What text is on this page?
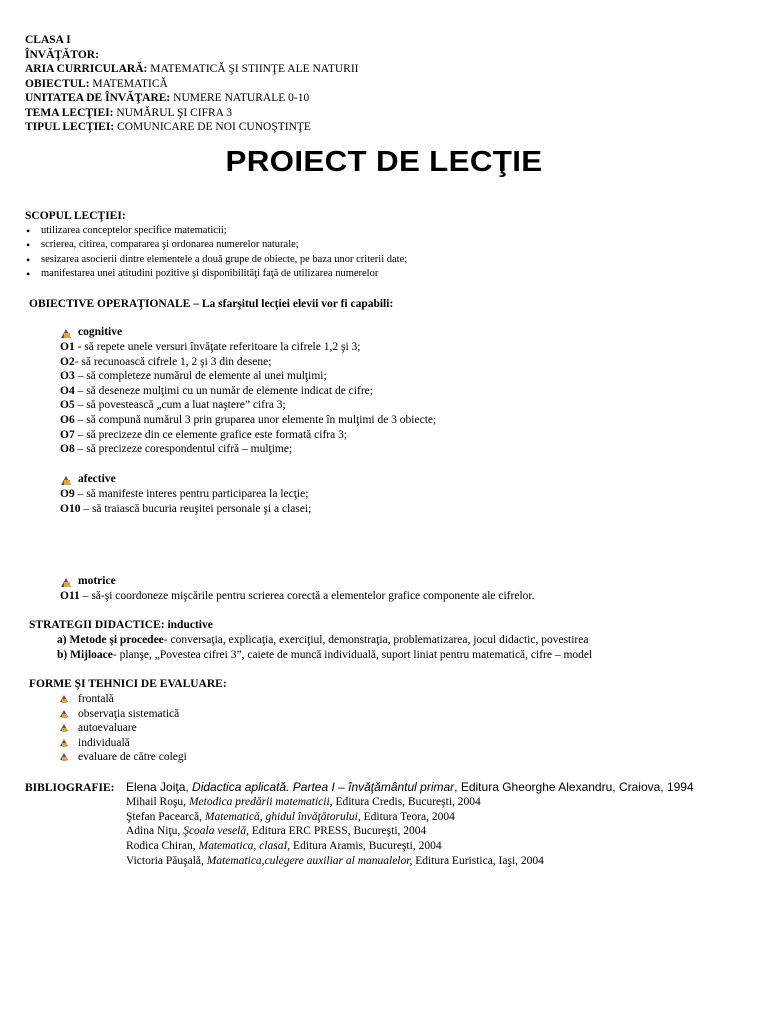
CLASA I
ÎNVĂŢĂTOR:
ARIA CURRICULARĂ: MATEMATICĂ ŞI STIINŢE ALE NATURII
OBIECTUL: MATEMATICĂ
UNITATEA DE ÎNVĂŢARE: NUMERE NATURALE 0-10
TEMA LECŢIEI: NUMĂRUL ŞI CIFRA 3
TIPUL LECŢIEI: COMUNICARE DE NOI CUNOŞTINŢE
PROIECT DE LECŢIE
SCOPUL LECŢIEI:
• utilizarea conceptelor specifice matematicii;
• scrierea, citirea, compararea şi ordonarea numerelor naturale;
• sesizarea asocierii dintre elementele a două grupe de obiecte, pe baza unor criterii date;
• manifestarea unei atitudini pozitive şi disponibilităţi faţă de utilizarea numerelor
OBIECTIVE OPERAŢIONALE – La sfarşitul lecţiei elevii vor fi capabili:
cognitive
O1 - să repete unele versuri învăţate referitoare la cifrele 1,2 şi 3;
O2- să recunoască cifrele 1, 2 şi 3 din desene;
O3 – să completeze numărul de elemente al unei mulţimi;
O4 – să deseneze mulţimi cu un număr de elemente indicat de cifre;
O5 – să povestească „cum a luat naştere” cifra 3;
O6 – să compună numărul 3 prin gruparea unor elemente în mulţimi de 3 obiecte;
O7 – să precizeze din ce elemente grafice este formată cifra 3;
O8 – să precizeze corespondentul cifră – mulţime;
afective
O9 – să manifeste interes pentru participarea la lecţie;
O10 – să traiască bucuria reuşitei personale şi a clasei;
motrice
O11 – să-şi coordoneze mişcările pentru scrierea corectă a elementelor grafice componente ale cifrelor.
STRATEGII DIDACTICE: inductive
a) Metode şi procedee- conversaţia, explicaţia, exerciţiul, demonstraţia, problematizarea, jocul didactic, povestirea
b) Mijloace- planşe, „Povestea cifrei 3”, caiete de muncă individuală, suport liniat pentru matematică, cifre – model
FORME ŞI TEHNICI DE EVALUARE:
frontală
observaţia sistematică
autoevaluare
individuală
evaluare de către colegi
BIBLIOGRAFIE: Elena Joiţa, Didactica aplicată. Partea I – învăţământul primar, Editura Gheorghe Alexandru, Craiova, 1994
Mihail Roşu, Metodica predării matematicii, Editura Credis, Bucureşti, 2004
Ştefan Pacearcă, Matematică, ghidul învăţătorului, Editura Teora, 2004
Adina Niţu, Şcoala veselă, Editura ERC PRESS, Bucureşti, 2004
Rodica Chiran, Matematica, clasaI, Editura Aramis, Bucureşti, 2004
Victoria Păuşală, Matematica,culegere auxiliar al manualelor, Editura Euristica, Iaşi, 2004
